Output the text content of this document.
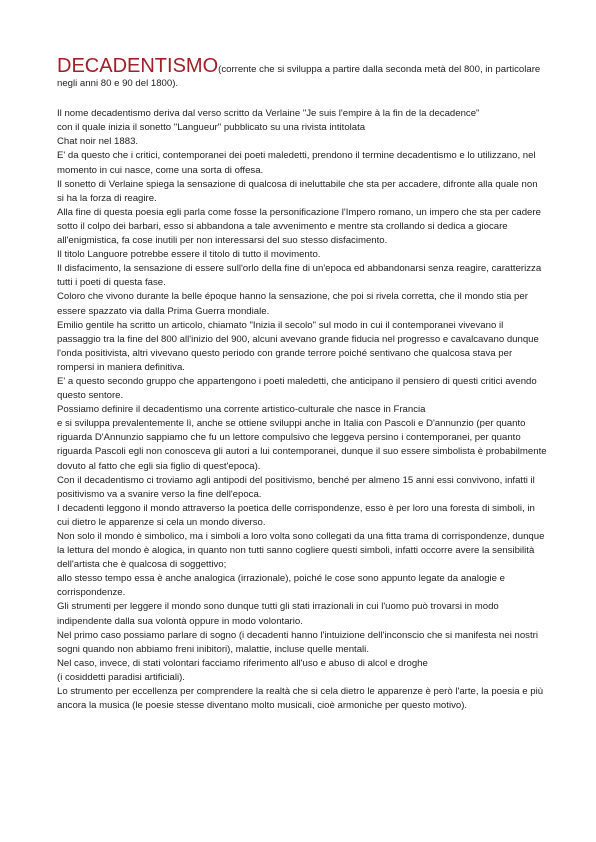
DECADENTISMO(corrente che si sviluppa a partire dalla seconda metà del 800, in particolare negli anni 80 e 90 del 1800).

Il nome decadentismo deriva dal verso scritto da Verlaine "Je suis l'empire à la fin de la decadence"

con il quale inizia il sonetto "Langueur" pubblicato su una rivista intitolata

Chat noir nel 1883.

E' da questo che i critici, contemporanei dei poeti maledetti, prendono il termine decadentismo e lo utilizzano, nel momento in cui nasce, come una sorta di offesa.

Il sonetto di Verlaine spiega la sensazione di qualcosa di ineluttabile che sta per accadere, difronte alla quale non si ha la forza di reagire.

Alla fine di questa poesia egli parla come fosse la personificazione l'Impero romano, un impero che sta per cadere sotto il colpo dei barbari, esso si abbandona a tale avvenimento e mentre sta crollando si dedica a giocare all'enigmistica, fa cose inutili per non interessarsi del suo stesso disfacimento.

Il titolo Languore potrebbe essere il titolo di tutto il movimento.

Il disfacimento, la sensazione di essere sull'orlo della fine di un'epoca ed abbandonarsi senza reagire, caratterizza tutti i poeti di questa fase.

Coloro che vivono durante la belle époque hanno la sensazione, che poi si rivela corretta, che il mondo stia per essere spazzato via dalla Prima Guerra mondiale.

Emilio gentile ha scritto un articolo, chiamato "Inizia il secolo" sul modo in cui il contemporanei vivevano il passaggio tra la fine del 800 all'inizio del 900, alcuni avevano grande fiducia nel progresso e cavalcavano dunque l'onda positivista, altri vivevano questo periodo con grande terrore poiché sentivano che qualcosa stava per rompersi in maniera definitiva.

E' a questo secondo gruppo che appartengono i poeti maledetti, che anticipano il pensiero di questi critici avendo questo sentore.

Possiamo definire il decadentismo una corrente artistico-culturale che nasce in Francia

e si sviluppa prevalentemente lì, anche se ottiene sviluppi anche in Italia con Pascoli e D'annunzio (per quanto riguarda D'Annunzio sappiamo che fu un lettore compulsivo che leggeva persino i contemporanei, per quanto riguarda Pascoli egli non conosceva gli autori a lui contemporanei, dunque il suo essere simbolista è probabilmente dovuto al fatto che egli sia figlio di quest'epoca).

Con il decadentismo ci troviamo agli antipodi del positivismo, benché per almeno 15 anni essi convivono, infatti il positivismo va a svanire verso la fine dell'epoca.

I decadenti leggono il mondo attraverso la poetica delle corrispondenze, esso è per loro una foresta di simboli, in cui dietro le apparenze si cela un mondo diverso.

Non solo il mondo è simbolico, ma i simboli a loro volta sono collegati da una fitta trama di corrispondenze, dunque la lettura del mondo è alogica, in quanto non tutti sanno cogliere questi simboli, infatti occorre avere la sensibilità dell'artista che è qualcosa di soggettivo;

allo stesso tempo essa è anche analogica (irrazionale), poiché le cose sono appunto legate da analogie e corrispondenze.

Gli strumenti per leggere il mondo sono dunque tutti gli stati irrazionali in cui l'uomo può trovarsi in modo indipendente dalla sua volontà oppure in modo volontario.

Nel primo caso possiamo parlare di sogno (i decadenti hanno l'intuizione dell'inconscio che si manifesta nei nostri sogni quando non abbiamo freni inibitori), malattie, incluse quelle mentali.

Nel caso, invece, di stati volontari facciamo riferimento all'uso e abuso di alcol e droghe

(i cosiddetti paradisi artificiali).

Lo strumento per eccellenza per comprendere la realtà che si cela dietro le apparenze è però l'arte, la poesia e più ancora la musica (le poesie stesse diventano molto musicali, cioè armoniche per questo motivo).
